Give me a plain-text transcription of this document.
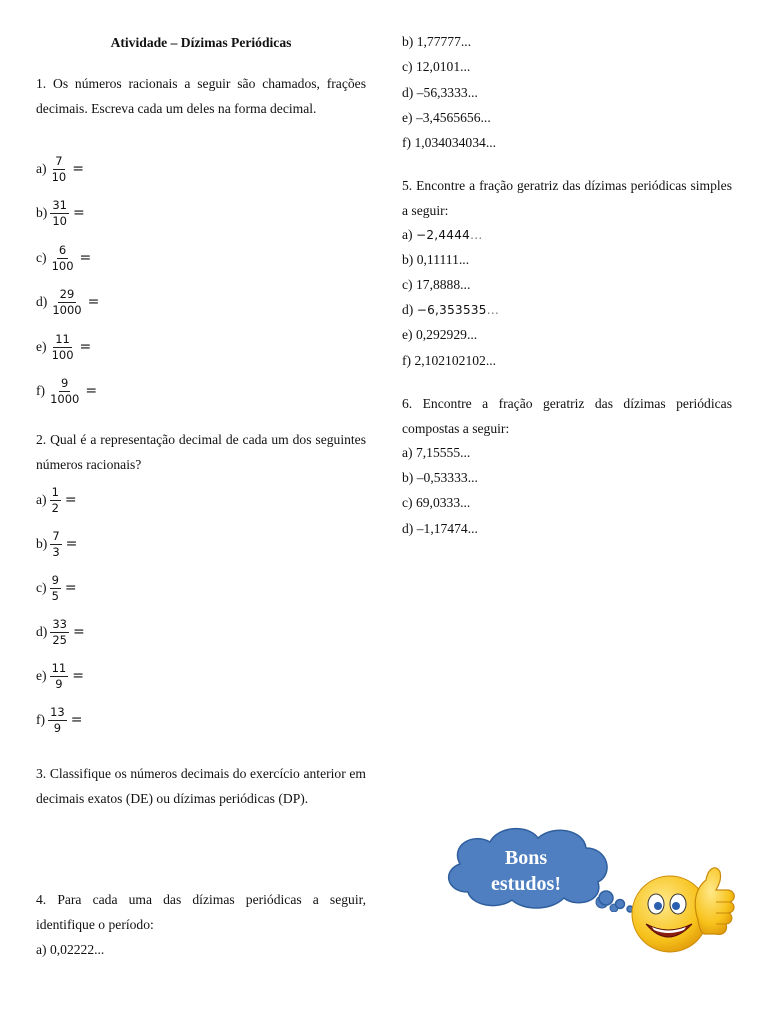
Atividade – Dízimas Periódicas
1. Os números racionais a seguir são chamados, frações decimais. Escreva cada um deles na forma decimal.
$a) \frac{7}{10}$ =
$b) \frac{31}{10}$ =
$c) \frac{6}{100}$ =
$d) \frac{29}{1000}$ =
$e) \frac{11}{100}$ =
$f) \frac{9}{1000}$ =
2. Qual é a representação decimal de cada um dos seguintes números racionais?
$a) \frac{1}{2}$ =
$b) \frac{7}{3}$ =
$c) \frac{9}{5}$ =
$d) \frac{33}{25}$ =
$e) \frac{11}{9}$ =
$f) \frac{13}{9}$ =
3. Classifique os números decimais do exercício anterior em decimais exatos (DE) ou dízimas periódicas (DP).
4. Para cada uma das dízimas periódicas a seguir, identifique o período:
a) 0,02222...
b) 1,77777...
c) 12,0101...
d) –56,3333...
e) –3,4565656...
f) 1,034034034...
5. Encontre a fração geratriz das dízimas periódicas simples a seguir:
a) −2,4444...
b) 0,11111...
c) 17,8888...
d) −6,353535...
e) 0,292929...
f) 2,102102102...
6. Encontre a fração geratriz das dízimas periódicas compostas a seguir:
a) 7,15555...
b) –0,53333...
c) 69,0333...
d) –1,17474...
Bons
estudos!
